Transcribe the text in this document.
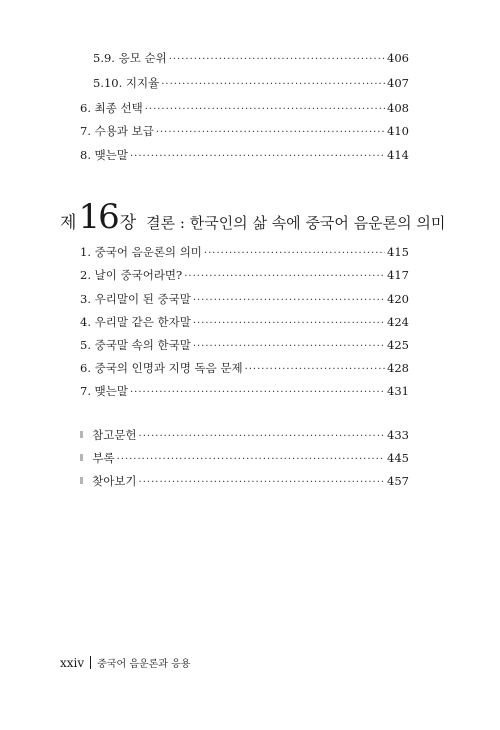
5.9. 응모 순위 ·····	406
5.10. 지지율 ·····	407
6. 최종 선택 ·····	408
7. 수용과 보급 ·····	410
8. 맺는말 ·····	414
제 16 장 결론 : 한국인의 삶 속에 중국어 음운론의 의미
1. 중국어 음운론의 의미 ·····	415
2. 날이 중국어라면? ·····	417
3. 우리말이 된 중국말 ·····	420
4. 우리말 같은 한자말 ·····	424
5. 중국말 속의 한국말 ·····	425
6. 중국의 인명과 지명 독음 문제 ·····	428
7. 맺는말 ·····	431
참고문헌 ·····	433
부록 ·····	445
찾아보기 ·····	457
xxiv 중국어 음운론과 응용
